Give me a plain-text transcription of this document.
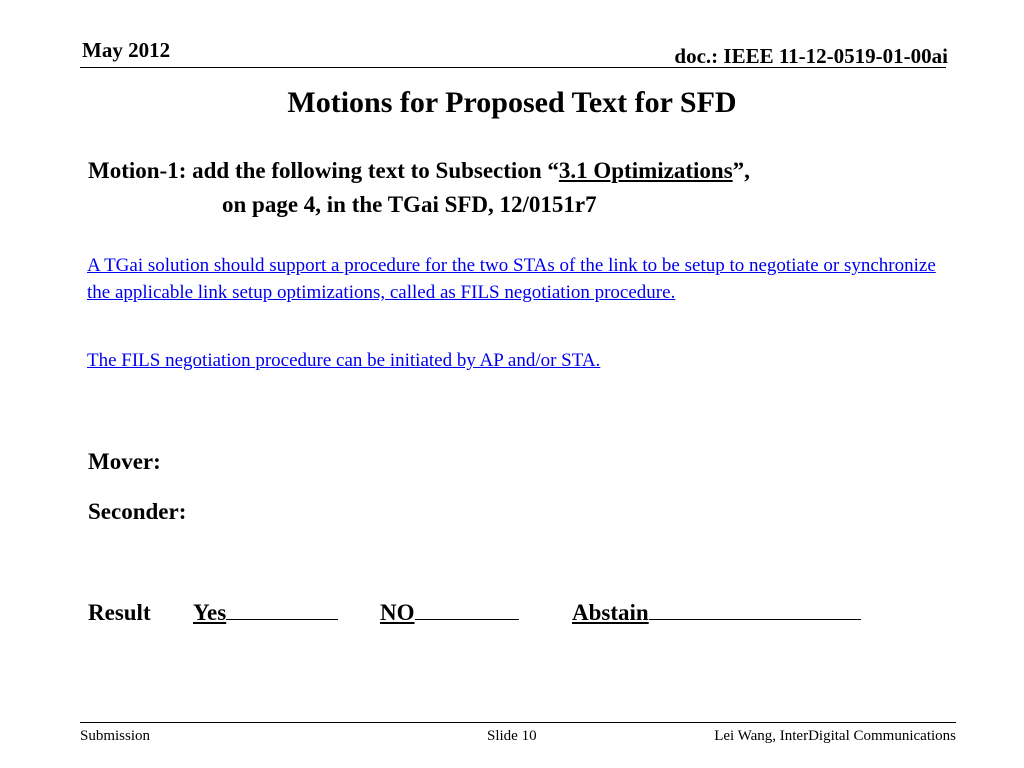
May 2012	doc.: IEEE 11-12-0519-01-00ai
Motions for Proposed Text for SFD
Motion-1: add the following text to Subsection “3.1 Optimizations”,
on page 4, in the TGai SFD, 12/0151r7
A TGai solution should support a procedure for the two STAs of the link to be setup to negotiate or synchronize the applicable link setup optimizations, called as FILS negotiation procedure.
The FILS negotiation procedure can be initiated by AP and/or STA.
Mover:
Seconder:
Result Yes	NO	Abstain
Submission	Slide 10	Lei Wang, InterDigital Communications
